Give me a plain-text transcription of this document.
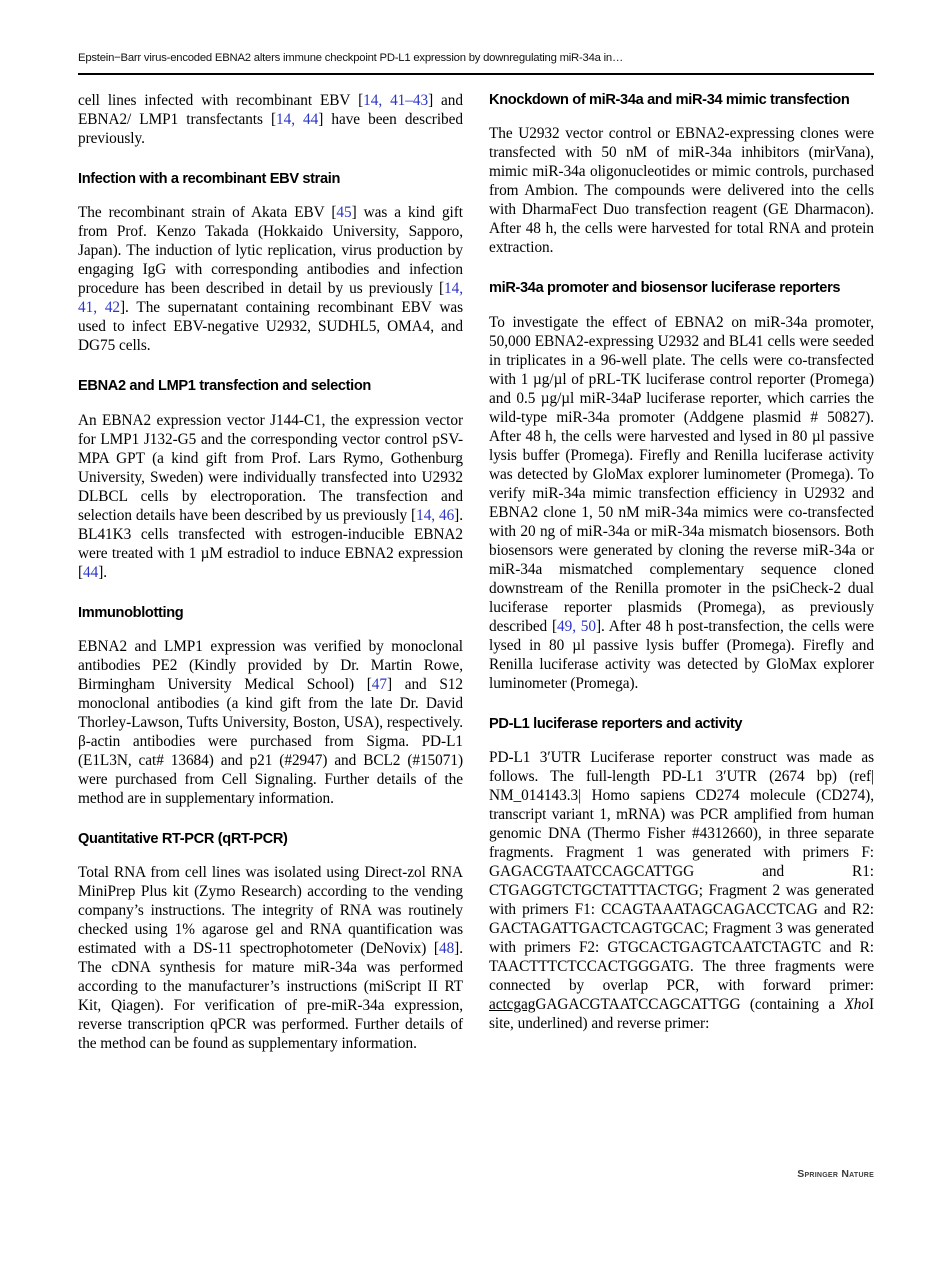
Epstein−Barr virus-encoded EBNA2 alters immune checkpoint PD-L1 expression by downregulating miR-34a in…

cell lines infected with recombinant EBV [14, 41–43] and EBNA2/ LMP1 transfectants [14, 44] have been described previously.

Infection with a recombinant EBV strain

The recombinant strain of Akata EBV [45] was a kind gift from Prof. Kenzo Takada (Hokkaido University, Sapporo, Japan). The induction of lytic replication, virus production by engaging IgG with corresponding antibodies and infection procedure has been described in detail by us previously [14, 41, 42]. The supernatant containing recombinant EBV was used to infect EBV-negative U2932, SUDHL5, OMA4, and DG75 cells.

EBNA2 and LMP1 transfection and selection

An EBNA2 expression vector J144-C1, the expression vector for LMP1 J132-G5 and the corresponding vector control pSV-MPA GPT (a kind gift from Prof. Lars Rymo, Gothenburg University, Sweden) were individually transfected into U2932 DLBCL cells by electroporation. The transfection and selection details have been described by us previously [14, 46]. BL41K3 cells transfected with estrogen-inducible EBNA2 were treated with 1 µM estradiol to induce EBNA2 expression [44].

Immunoblotting

EBNA2 and LMP1 expression was verified by monoclonal antibodies PE2 (Kindly provided by Dr. Martin Rowe, Birmingham University Medical School) [47] and S12 monoclonal antibodies (a kind gift from the late Dr. David Thorley-Lawson, Tufts University, Boston, USA), respectively. β-actin antibodies were purchased from Sigma. PD-L1 (E1L3N, cat# 13684) and p21 (#2947) and BCL2 (#15071) were purchased from Cell Signaling. Further details of the method are in supplementary information.

Quantitative RT-PCR (qRT-PCR)

Total RNA from cell lines was isolated using Direct-zol RNA MiniPrep Plus kit (Zymo Research) according to the vending company’s instructions. The integrity of RNA was routinely checked using 1% agarose gel and RNA quantification was estimated with a DS-11 spectrophotometer (DeNovix) [48]. The cDNA synthesis for mature miR-34a was performed according to the manufacturer’s instructions (miScript II RT Kit, Qiagen). For verification of pre-miR-34a expression, reverse transcription qPCR was performed. Further details of the method can be found as supplementary information.

Knockdown of miR-34a and miR-34 mimic transfection

The U2932 vector control or EBNA2-expressing clones were transfected with 50 nM of miR-34a inhibitors (mirVana), mimic miR-34a oligonucleotides or mimic controls, purchased from Ambion. The compounds were delivered into the cells with DharmaFect Duo transfection reagent (GE Dharmacon). After 48 h, the cells were harvested for total RNA and protein extraction.

miR-34a promoter and biosensor luciferase reporters

To investigate the effect of EBNA2 on miR-34a promoter, 50,000 EBNA2-expressing U2932 and BL41 cells were seeded in triplicates in a 96-well plate. The cells were co-transfected with 1 µg/µl of pRL-TK luciferase control reporter (Promega) and 0.5 µg/µl miR-34aP luciferase reporter, which carries the wild-type miR-34a promoter (Addgene plasmid # 50827). After 48 h, the cells were harvested and lysed in 80 µl passive lysis buffer (Promega). Firefly and Renilla luciferase activity was detected by GloMax explorer luminometer (Promega). To verify miR-34a mimic transfection efficiency in U2932 and EBNA2 clone 1, 50 nM miR-34a mimics were co-transfected with 20 ng of miR-34a or miR-34a mismatch biosensors. Both biosensors were generated by cloning the reverse miR-34a or miR-34a mismatched complementary sequence cloned downstream of the Renilla promoter in the psiCheck-2 dual luciferase reporter plasmids (Promega), as previously described [49, 50]. After 48 h post-transfection, the cells were lysed in 80 µl passive lysis buffer (Promega). Firefly and Renilla luciferase activity was detected by GloMax explorer luminometer (Promega).

PD-L1 luciferase reporters and activity

PD-L1 3′UTR Luciferase reporter construct was made as follows. The full-length PD-L1 3′UTR (2674 bp) (ref| NM_014143.3| Homo sapiens CD274 molecule (CD274), transcript variant 1, mRNA) was PCR amplified from human genomic DNA (Thermo Fisher #4312660), in three separate fragments. Fragment 1 was generated with primers F: GAGACGTAATCCAGCATTGG and R1: CTGAGGTCTGCTATTTACTGG; Fragment 2 was generated with primers F1: CCAGTAAATAGCAGACCTCAG and R2: GACTAGATTGACTCAGTGCAC; Fragment 3 was generated with primers F2: GTGCACTGAGTCAATCTAGTC and R: TAACTTTCTCCACTGGGATG. The three fragments were connected by overlap PCR, with forward primer: actcgagGAGACGTAATCCAGCATTGG (containing a XhoI site, underlined) and reverse primer:

Springer Nature
